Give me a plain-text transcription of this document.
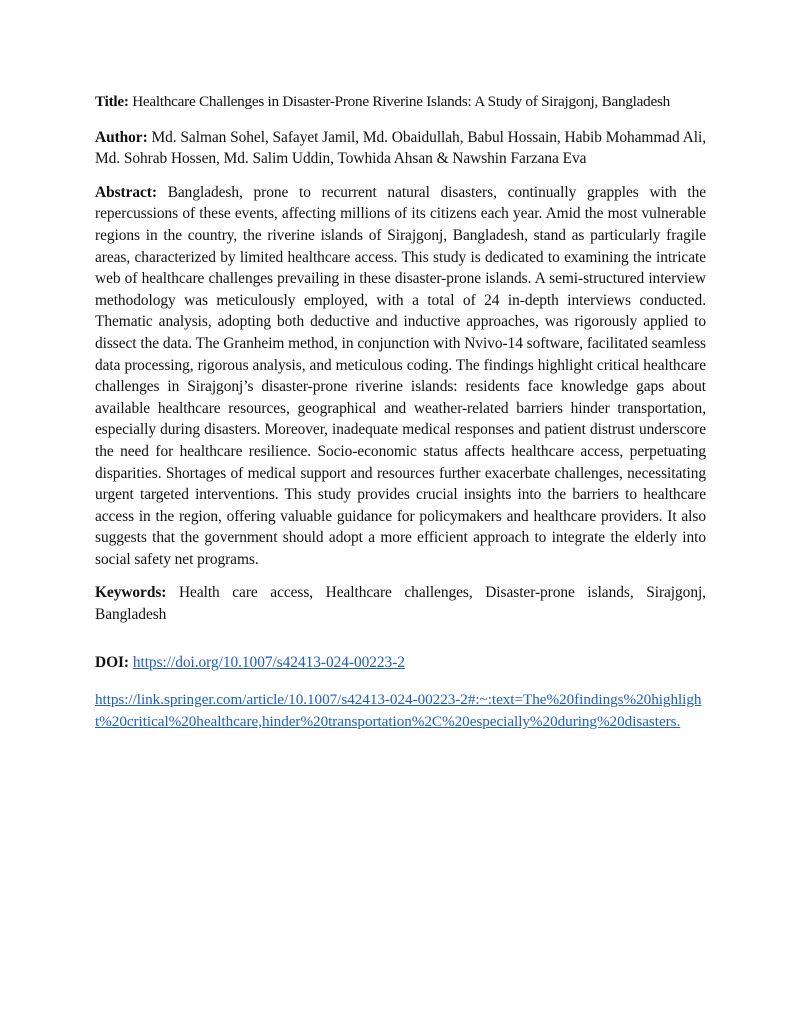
Title: Healthcare Challenges in Disaster-Prone Riverine Islands: A Study of Sirajgonj, Bangladesh

Author: Md. Salman Sohel, Safayet Jamil, Md. Obaidullah, Babul Hossain, Habib Mohammad Ali, Md. Sohrab Hossen, Md. Salim Uddin, Towhida Ahsan & Nawshin Farzana Eva

Abstract: Bangladesh, prone to recurrent natural disasters, continually grapples with the repercussions of these events, affecting millions of its citizens each year. Amid the most vulnerable regions in the country, the riverine islands of Sirajgonj, Bangladesh, stand as particularly fragile areas, characterized by limited healthcare access. This study is dedicated to examining the intricate web of healthcare challenges prevailing in these disaster-prone islands. A semi-structured interview methodology was meticulously employed, with a total of 24 in-depth interviews conducted. Thematic analysis, adopting both deductive and inductive approaches, was rigorously applied to dissect the data. The Granheim method, in conjunction with Nvivo-14 software, facilitated seamless data processing, rigorous analysis, and meticulous coding. The findings highlight critical healthcare challenges in Sirajgonj’s disaster-prone riverine islands: residents face knowledge gaps about available healthcare resources, geographical and weather-related barriers hinder transportation, especially during disasters. Moreover, inadequate medical responses and patient distrust underscore the need for healthcare resilience. Socio-economic status affects healthcare access, perpetuating disparities. Shortages of medical support and resources further exacerbate challenges, necessitating urgent targeted interventions. This study provides crucial insights into the barriers to healthcare access in the region, offering valuable guidance for policymakers and healthcare providers. It also suggests that the government should adopt a more efficient approach to integrate the elderly into social safety net programs.

Keywords: Health care access, Healthcare challenges, Disaster-prone islands, Sirajgonj, Bangladesh

DOI: https://doi.org/10.1007/s42413-024-00223-2

https://link.springer.com/article/10.1007/s42413-024-00223-2#:~:text=The%20findings%20highlight%20critical%20healthcare,hinder%20transportation%2C%20especially%20during%20disasters.
